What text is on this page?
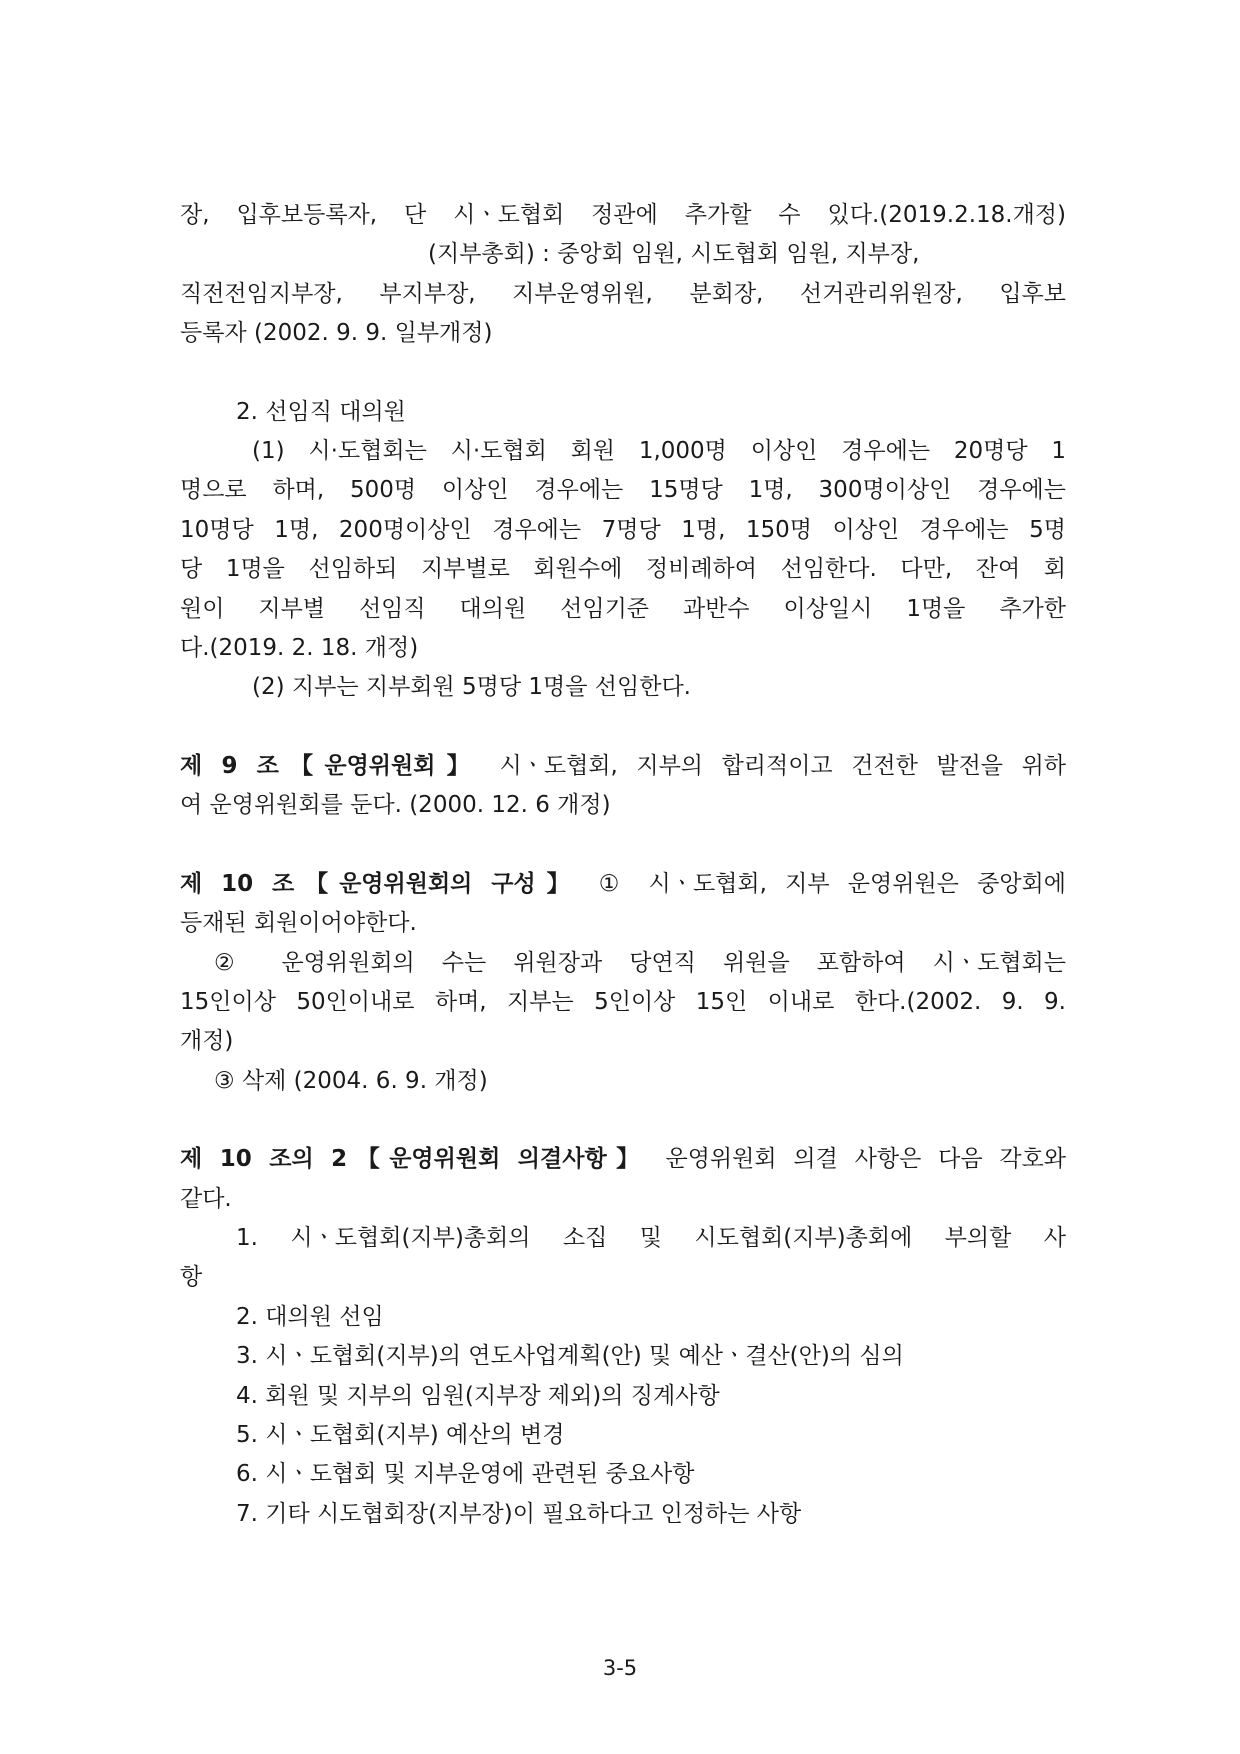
장, 입후보등록자, 단 시ㆍ도협회 정관에 추가할 수 있다.(2019.2.18.개정)

(지부총회) : 중앙회 임원, 시도협회 임원, 지부장,

직전전임지부장, 부지부장, 지부운영위원, 분회장, 선거관리위원장, 입후보

등록자 (2002. 9. 9. 일부개정)

2. 선임직 대의원

(1) 시·도협회는 시·도협회 회원 1,000명 이상인 경우에는 20명당 1

명으로 하며, 500명 이상인 경우에는 15명당 1명, 300명이상인 경우에는

10명당 1명, 200명이상인 경우에는 7명당 1명, 150명 이상인 경우에는 5명

당 1명을 선임하되 지부별로 회원수에 정비례하여 선임한다. 다만, 잔여 회

원이 지부별 선임직 대의원 선임기준 과반수 이상일시 1명을 추가한

다.(2019. 2. 18. 개정)

(2) 지부는 지부회원 5명당 1명을 선임한다.

제 9 조【운영위원회】 시ㆍ도협회, 지부의 합리적이고 건전한 발전을 위하

여 운영위원회를 둔다. (2000. 12. 6 개정)

제 10 조【운영위원회의 구성】 ① 시ㆍ도협회, 지부 운영위원은 중앙회에

등재된 회원이어야한다.

② 운영위원회의 수는 위원장과 당연직 위원을 포함하여 시ㆍ도협회는

15인이상 50인이내로 하며, 지부는 5인이상 15인 이내로 한다.(2002. 9. 9.

개정)

③ 삭제 (2004. 6. 9. 개정)

제 10 조의 2【운영위원회 의결사항】 운영위원회 의결 사항은 다음 각호와

같다.

1. 시ㆍ도협회(지부)총회의 소집 및 시도협회(지부)총회에 부의할 사

항

2. 대의원 선임

3. 시ㆍ도협회(지부)의 연도사업계획(안) 및 예산ㆍ결산(안)의 심의

4. 회원 및 지부의 임원(지부장 제외)의 징계사항

5. 시ㆍ도협회(지부) 예산의 변경

6. 시ㆍ도협회 및 지부운영에 관련된 중요사항

7. 기타 시도협회장(지부장)이 필요하다고 인정하는 사항

3-5
